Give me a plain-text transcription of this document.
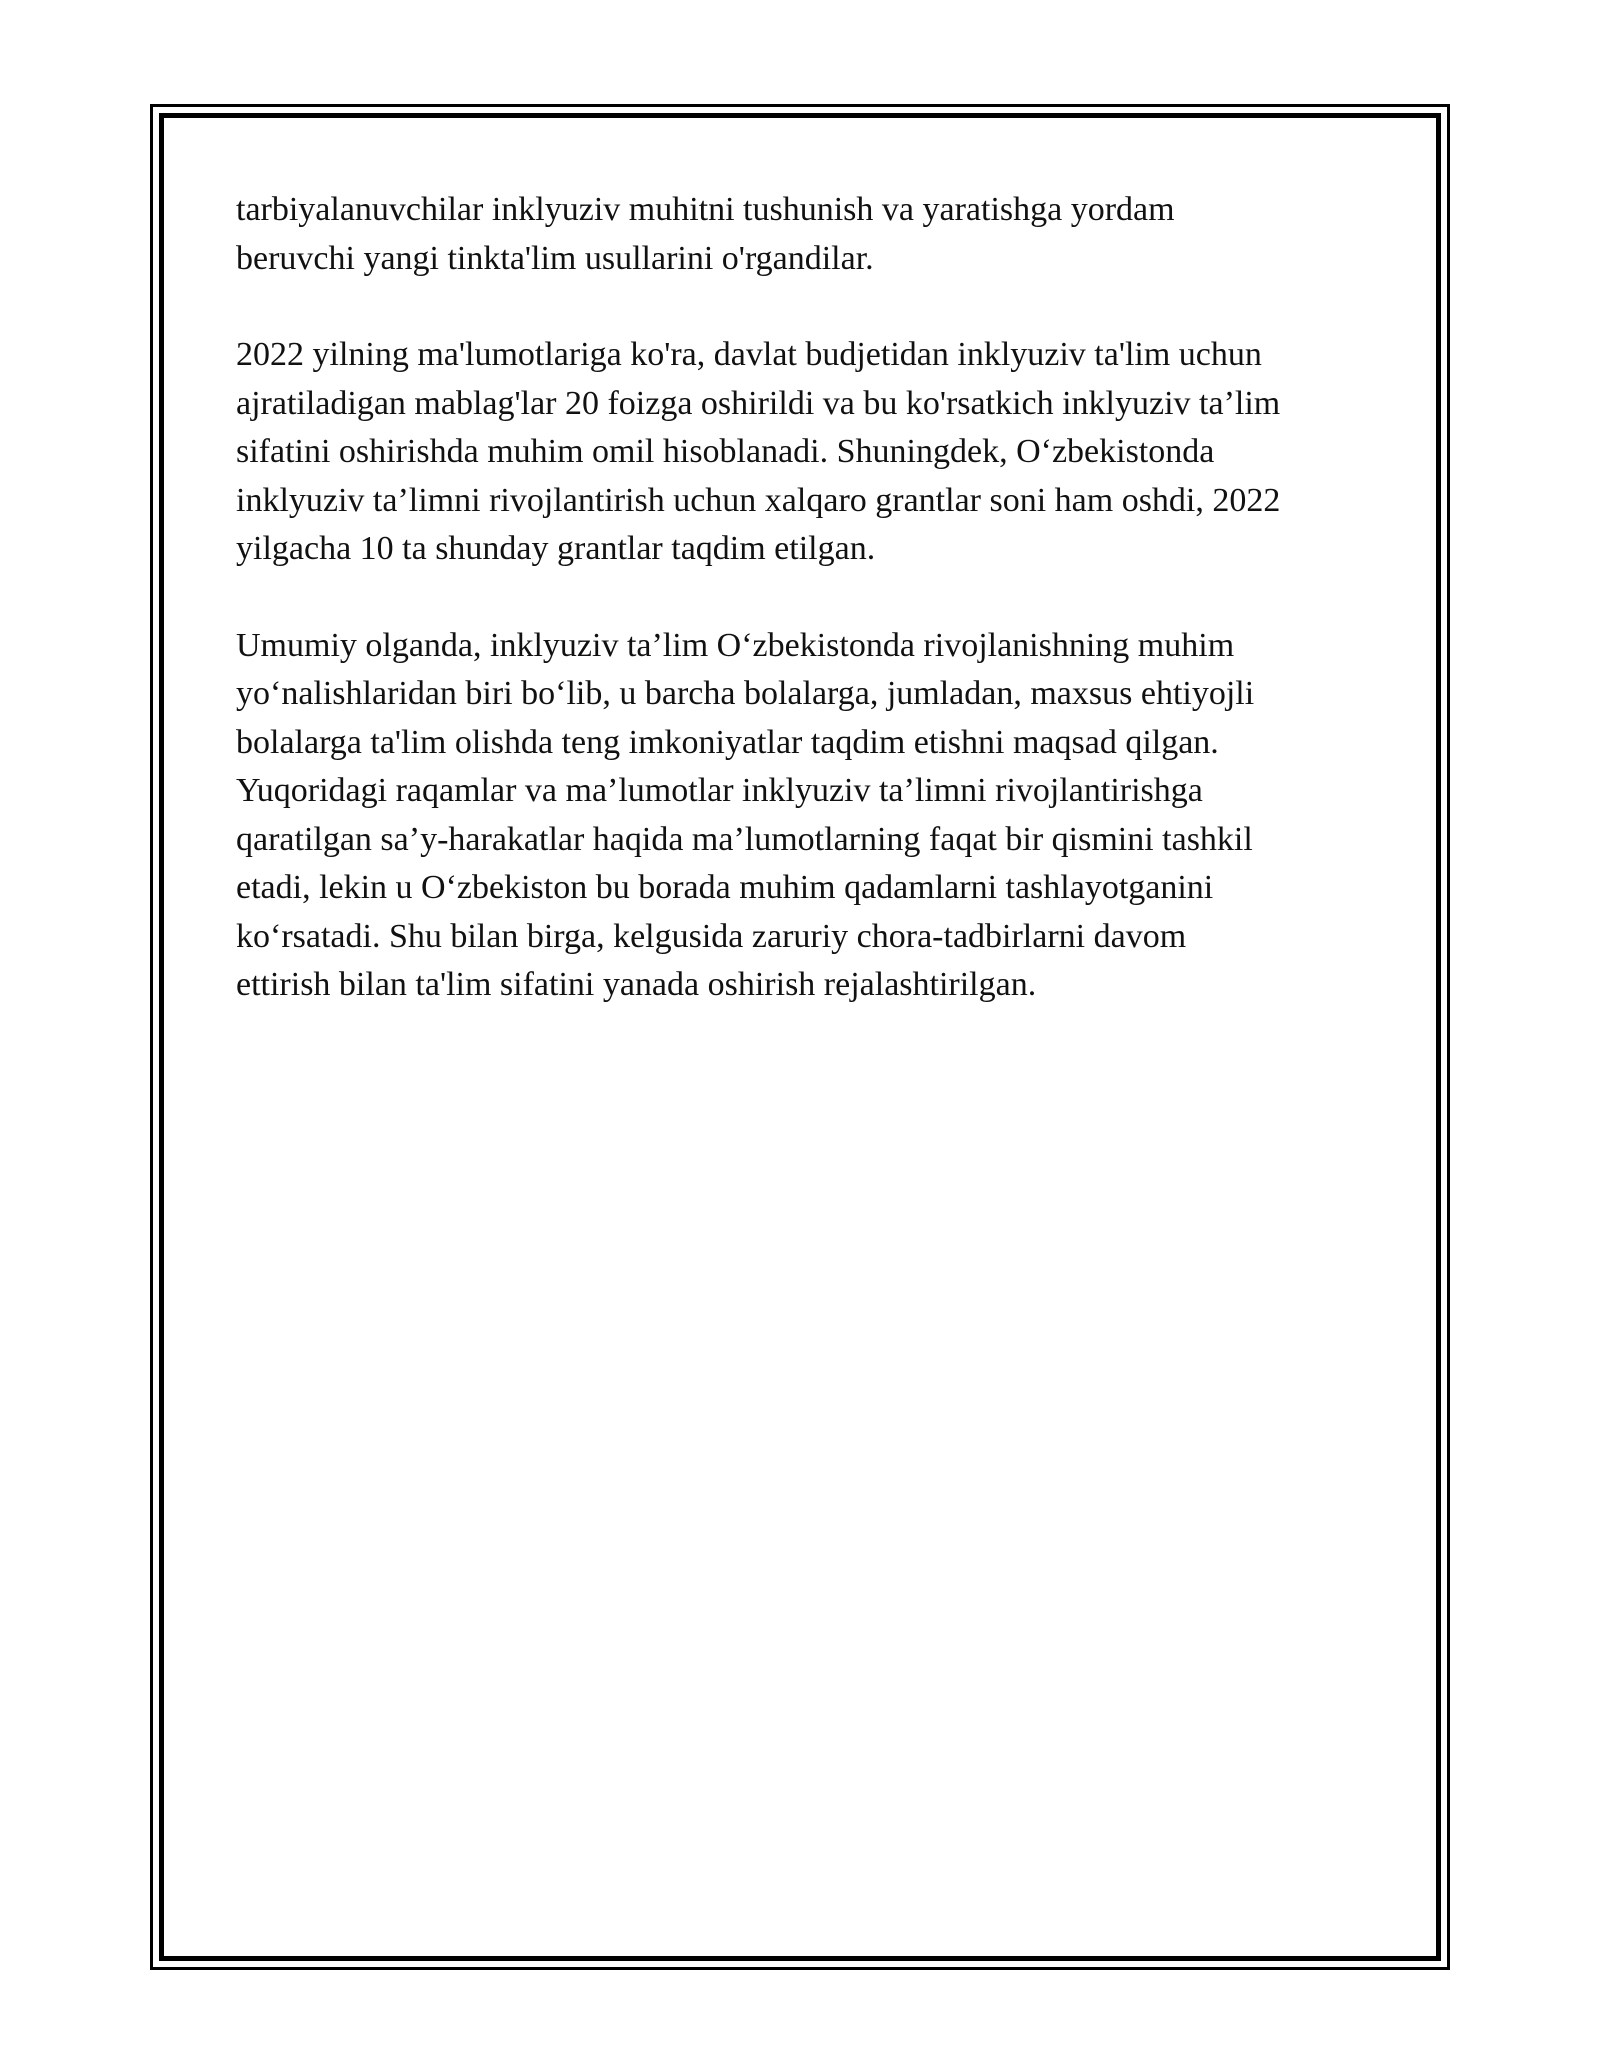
tarbiyalanuvchilar inklyuziv muhitni tushunish va yaratishga yordam
beruvchi yangi tinkta'lim usullarini o'rgandilar.

2022 yilning ma'lumotlariga ko'ra, davlat budjetidan inklyuziv ta'lim uchun
ajratiladigan mablag'lar 20 foizga oshirildi va bu ko'rsatkich inklyuziv ta’lim
sifatini oshirishda muhim omil hisoblanadi. Shuningdek, O‘zbekistonda
inklyuziv ta’limni rivojlantirish uchun xalqaro grantlar soni ham oshdi, 2022
yilgacha 10 ta shunday grantlar taqdim etilgan.

Umumiy olganda, inklyuziv ta’lim O‘zbekistonda rivojlanishning muhim
yo‘nalishlaridan biri bo‘lib, u barcha bolalarga, jumladan, maxsus ehtiyojli
bolalarga ta'lim olishda teng imkoniyatlar taqdim etishni maqsad qilgan.
Yuqoridagi raqamlar va ma’lumotlar inklyuziv ta’limni rivojlantirishga
qaratilgan sa’y-harakatlar haqida ma’lumotlarning faqat bir qismini tashkil
etadi, lekin u O‘zbekiston bu borada muhim qadamlarni tashlayotganini
ko‘rsatadi. Shu bilan birga, kelgusida zaruriy chora-tadbirlarni davom
ettirish bilan ta'lim sifatini yanada oshirish rejalashtirilgan.
